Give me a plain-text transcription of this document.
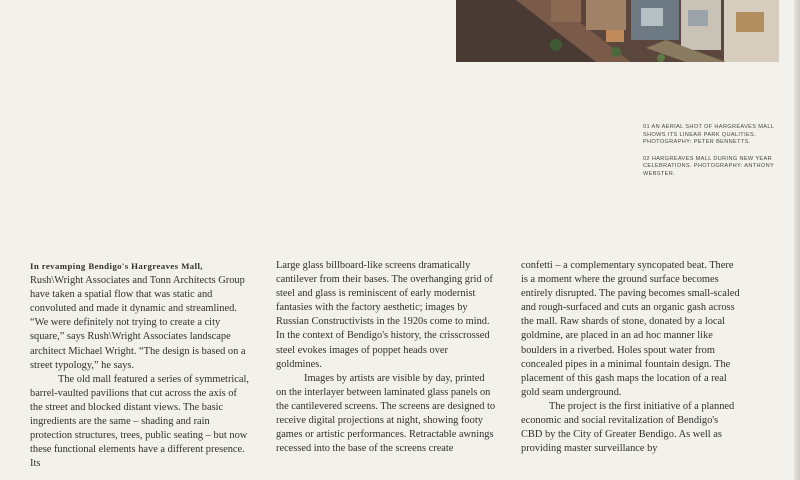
01 AN AERIAL SHOT OF HARGREAVES MALL SHOWS ITS LINEAR PARK QUALITIES. PHOTOGRAPHY: PETER BENNETTS.

02 HARGREAVES MALL DURING NEW YEAR CELEBRATIONS. PHOTOGRAPHY: ANTHONY WEBSTER.

In revamping Bendigo's Hargreaves Mall, Rush\Wright Associates and Tonn Architects Group have taken a spatial flow that was static and convoluted and made it dynamic and streamlined. “We were definitely not trying to create a city square,” says Rush\Wright Associates landscape architect Michael Wright. “The design is based on a street typology,” he says.

The old mall featured a series of symmetrical, barrel-vaulted pavilions that cut across the axis of the street and blocked distant views. The basic ingredients are the same – shading and rain protection structures, trees, public seating – but now these functional elements have a different presence. Its

Large glass billboard-like screens dramatically cantilever from their bases. The overhanging grid of steel and glass is reminiscent of early modernist fantasies with the factory aesthetic; images by Russian Constructivists in the 1920s come to mind. In the context of Bendigo's history, the crisscrossed steel evokes images of poppet heads over goldmines.

Images by artists are visible by day, printed on the interlayer between laminated glass panels on the cantilevered screens. The screens are designed to receive digital projections at night, showing footy games or artistic performances. Retractable awnings recessed into the base of the screens create

confetti – a complementary syncopated beat. There is a moment where the ground surface becomes entirely disrupted. The paving becomes small-scaled and rough-surfaced and cuts an organic gash across the mall. Raw shards of stone, donated by a local goldmine, are placed in an ad hoc manner like boulders in a riverbed. Holes spout water from concealed pipes in a minimal fountain design. The placement of this gash maps the location of a real gold seam underground.

The project is the first initiative of a planned economic and social revitalization of Bendigo's CBD by the City of Greater Bendigo. As well as providing master surveillance by
